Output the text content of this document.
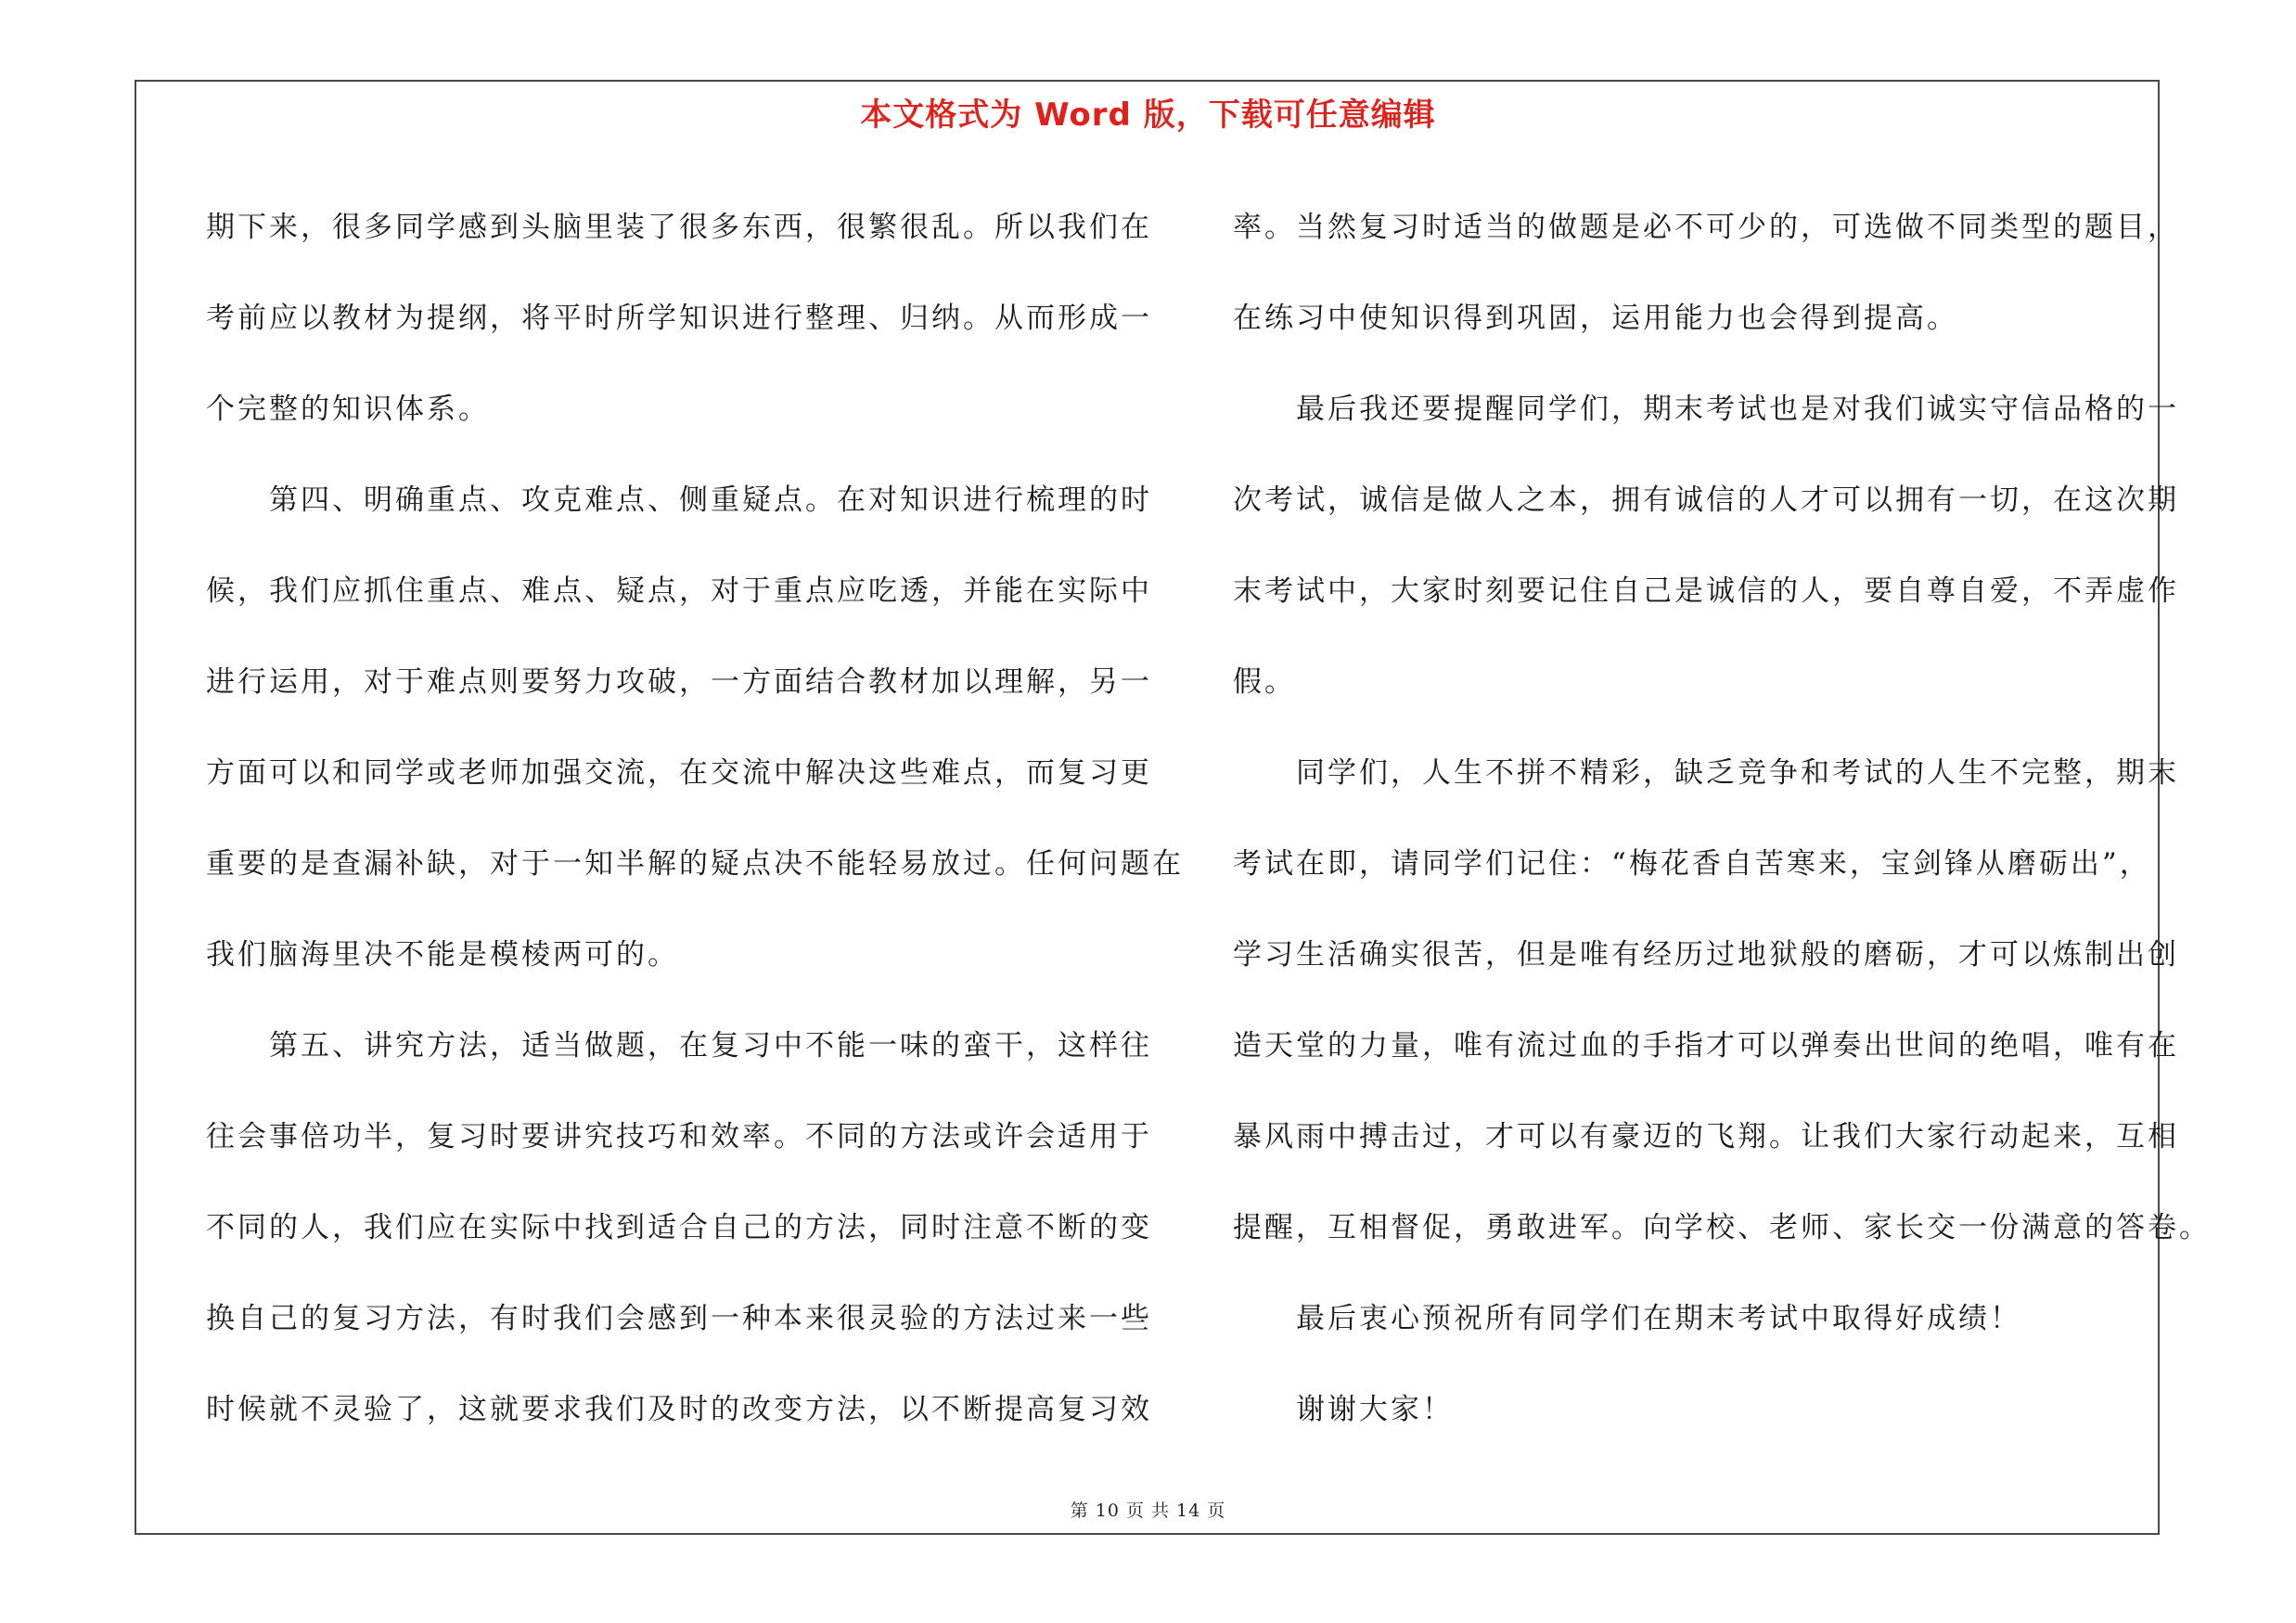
本文格式为 Word 版，下载可任意编辑
期下来，很多同学感到头脑里装了很多东西，很繁很乱。所以我们在
考前应以教材为提纲，将平时所学知识进行整理、归纳。从而形成一
个完整的知识体系。
　　第四、明确重点、攻克难点、侧重疑点。在对知识进行梳理的时
候，我们应抓住重点、难点、疑点，对于重点应吃透，并能在实际中
进行运用，对于难点则要努力攻破，一方面结合教材加以理解，另一
方面可以和同学或老师加强交流，在交流中解决这些难点，而复习更
重要的是查漏补缺，对于一知半解的疑点决不能轻易放过。任何问题在
我们脑海里决不能是模棱两可的。
　　第五、讲究方法，适当做题，在复习中不能一味的蛮干，这样往
往会事倍功半，复习时要讲究技巧和效率。不同的方法或许会适用于
不同的人，我们应在实际中找到适合自己的方法，同时注意不断的变
换自己的复习方法，有时我们会感到一种本来很灵验的方法过来一些
时候就不灵验了，这就要求我们及时的改变方法，以不断提高复习效
率。当然复习时适当的做题是必不可少的，可选做不同类型的题目，
在练习中使知识得到巩固，运用能力也会得到提高。
　　最后我还要提醒同学们，期末考试也是对我们诚实守信品格的一
次考试，诚信是做人之本，拥有诚信的人才可以拥有一切，在这次期
末考试中，大家时刻要记住自己是诚信的人，要自尊自爱，不弄虚作
假。
　　同学们，人生不拼不精彩，缺乏竞争和考试的人生不完整，期末
考试在即，请同学们记住：“梅花香自苦寒来，宝剑锋从磨砺出”，
学习生活确实很苦，但是唯有经历过地狱般的磨砺，才可以炼制出创
造天堂的力量，唯有流过血的手指才可以弹奏出世间的绝唱，唯有在
暴风雨中搏击过，才可以有豪迈的飞翔。让我们大家行动起来，互相
提醒，互相督促，勇敢进军。向学校、老师、家长交一份满意的答卷。
　　最后衷心预祝所有同学们在期末考试中取得好成绩！
　　谢谢大家！
第 10 页 共 14 页
